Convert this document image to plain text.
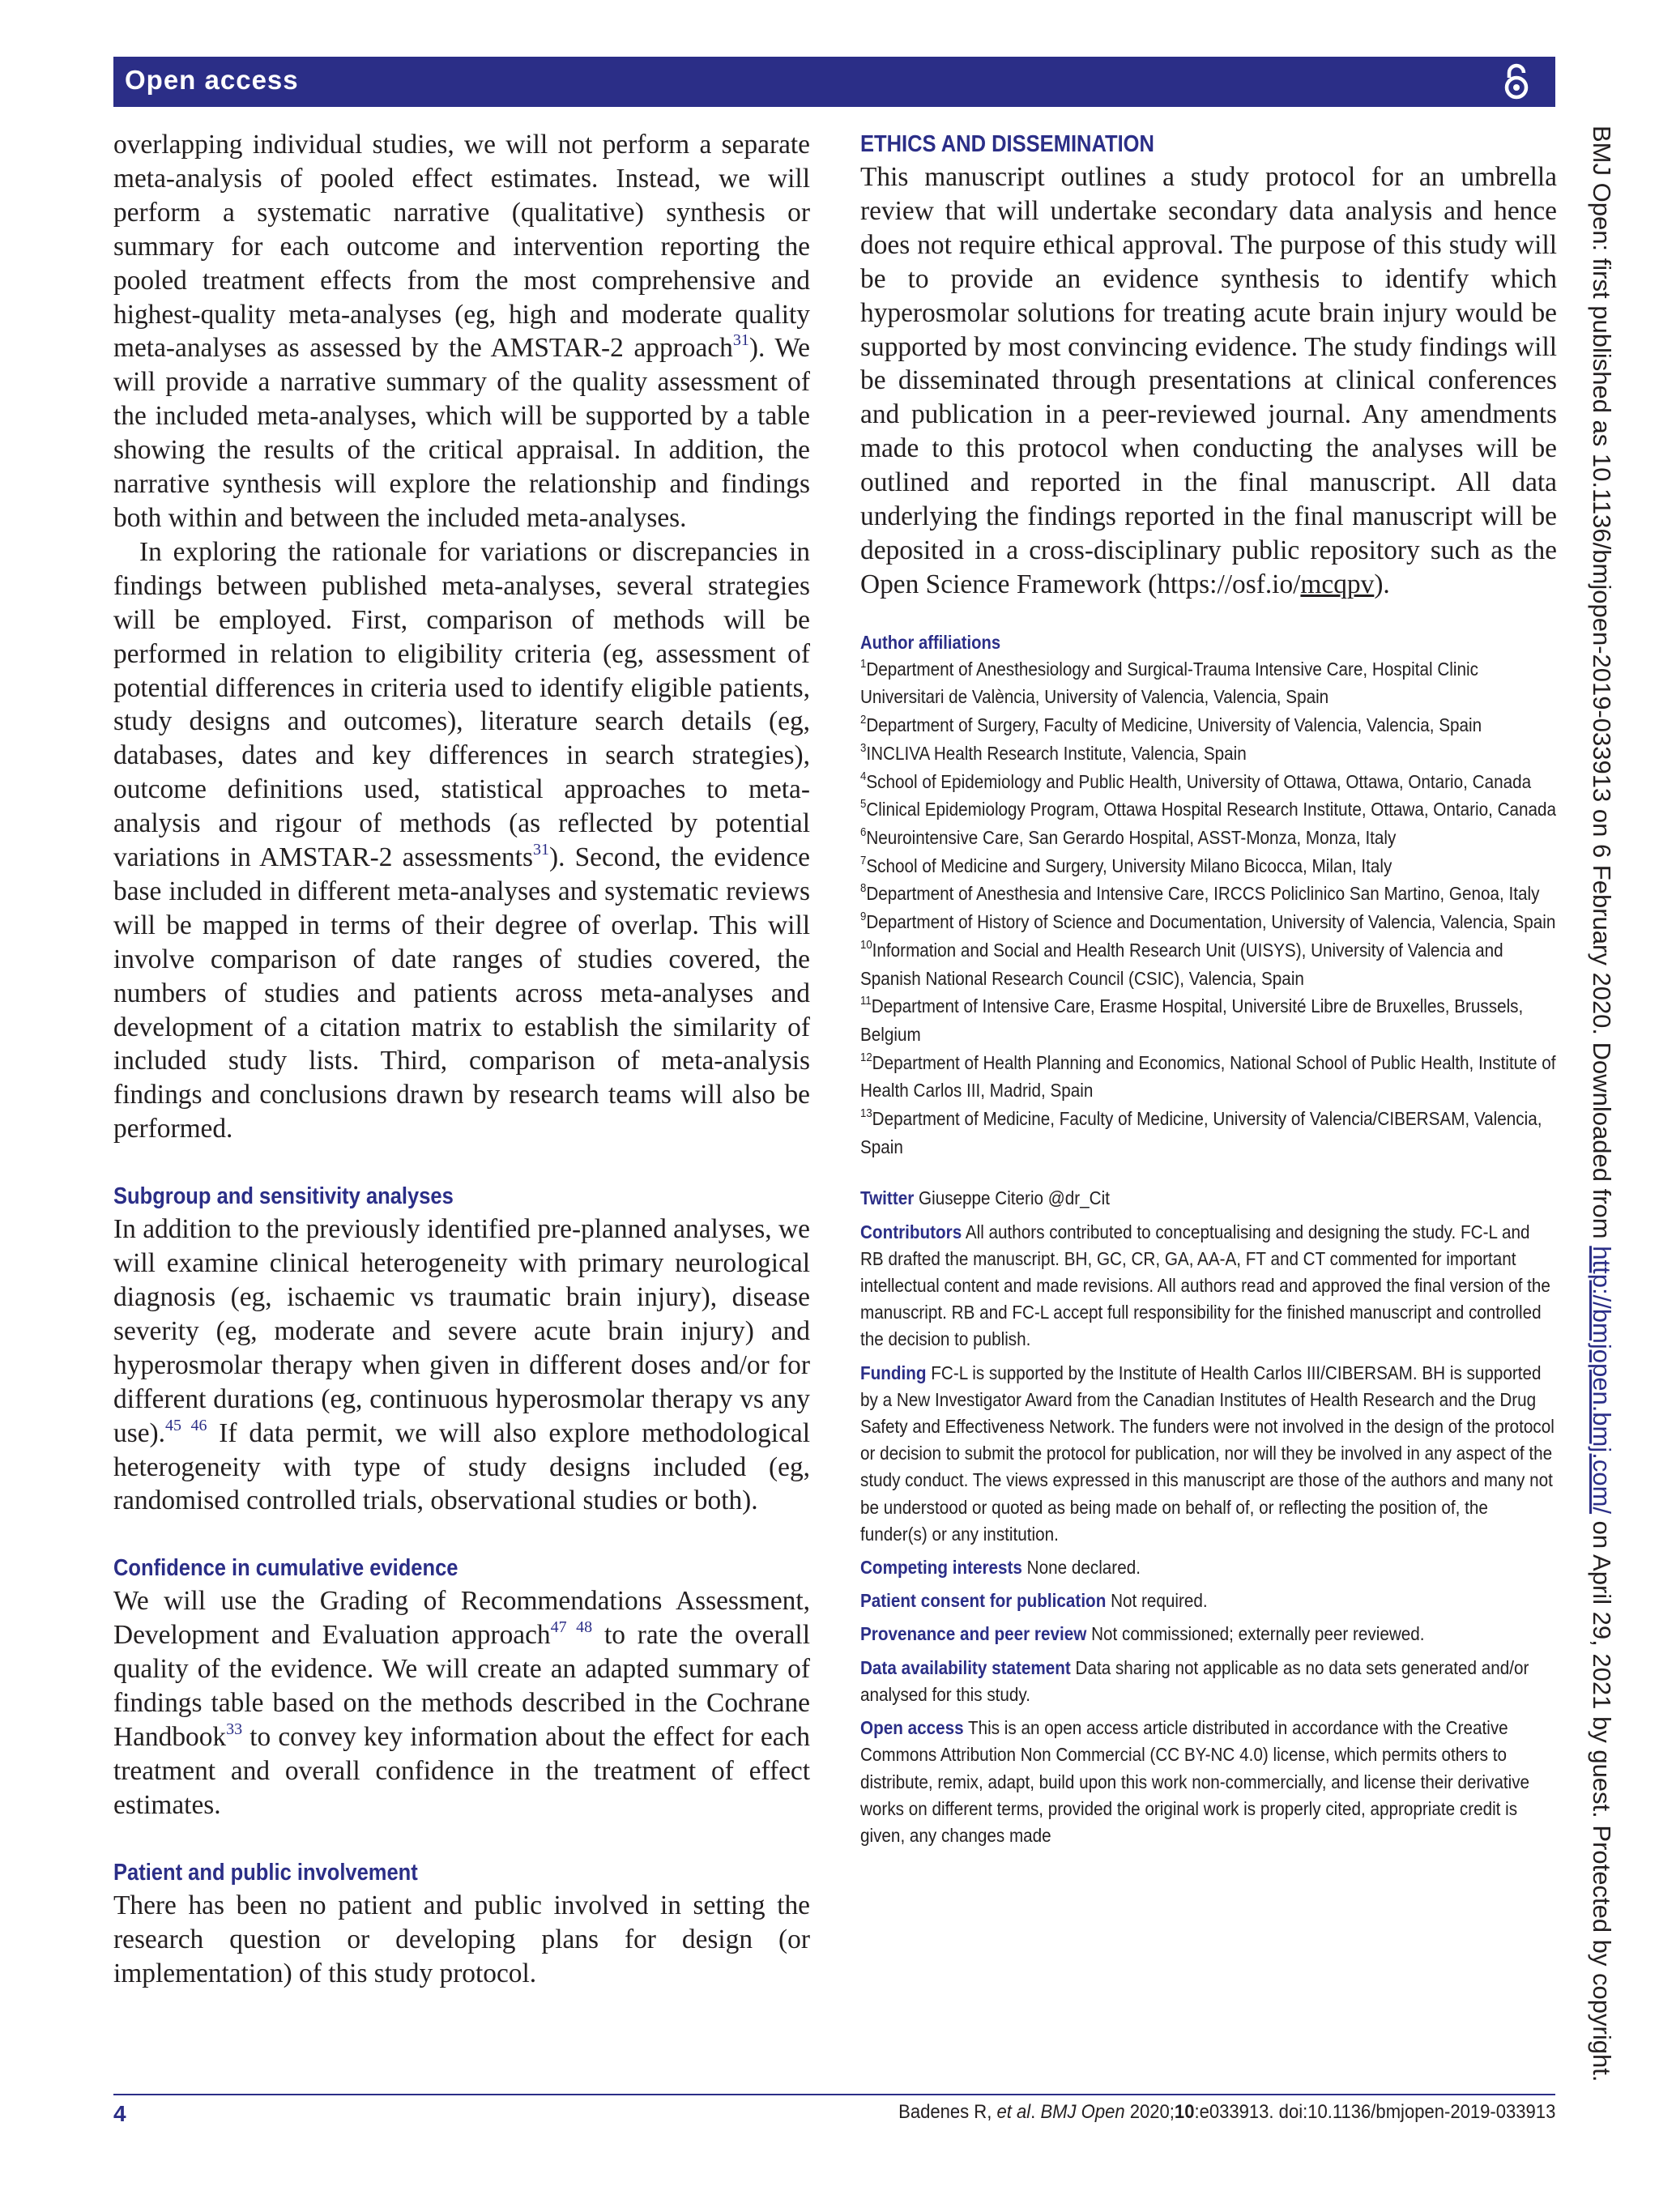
Open access
BMJ Open: first published as 10.1136/bmjopen-2019-033913 on 6 February 2020. Downloaded from http://bmjopen.bmj.com/ on April 29, 2021 by guest. Protected by copyright.

overlapping individual studies, we will not perform a separate meta-analysis of pooled effect estimates. Instead, we will perform a systematic narrative (qualitative) synthesis or summary for each outcome and intervention reporting the pooled treatment effects from the most comprehensive and highest-quality meta-analyses (eg, high and moderate quality meta-analyses as assessed by the AMSTAR-2 approach$^{31}$). We will provide a narrative summary of the quality assessment of the included meta-analyses, which will be supported by a table showing the results of the critical appraisal. In addition, the narrative synthesis will explore the relationship and findings both within and between the included meta-analyses.

In exploring the rationale for variations or discrepancies in findings between published meta-analyses, several strategies will be employed. First, comparison of methods will be performed in relation to eligibility criteria (eg, assessment of potential differences in criteria used to identify eligible patients, study designs and outcomes), literature search details (eg, databases, dates and key differences in search strategies), outcome definitions used, statistical approaches to meta-analysis and rigour of methods (as reflected by potential variations in AMSTAR-2 assessments$^{31}$). Second, the evidence base included in different meta-analyses and systematic reviews will be mapped in terms of their degree of overlap. This will involve comparison of date ranges of studies covered, the numbers of studies and patients across meta-analyses and development of a citation matrix to establish the similarity of included study lists. Third, comparison of meta-analysis findings and conclusions drawn by research teams will also be performed.

Subgroup and sensitivity analyses

In addition to the previously identified pre-planned analyses, we will examine clinical heterogeneity with primary neurological diagnosis (eg, ischaemic vs traumatic brain injury), disease severity (eg, moderate and severe acute brain injury) and hyperosmolar therapy when given in different doses and/or for different durations (eg, continuous hyperosmolar therapy vs any use).$^{45 46}$ If data permit, we will also explore methodological heterogeneity with type of study designs included (eg, randomised controlled trials, observational studies or both).

Confidence in cumulative evidence

We will use the Grading of Recommendations Assessment, Development and Evaluation approach$^{47 48}$ to rate the overall quality of the evidence. We will create an adapted summary of findings table based on the methods described in the Cochrane Handbook$^{33}$ to convey key information about the effect for each treatment and overall confidence in the treatment of effect estimates.

Patient and public involvement

There has been no patient and public involved in setting the research question or developing plans for design (or implementation) of this study protocol.

ETHICS AND DISSEMINATION

This manuscript outlines a study protocol for an umbrella review that will undertake secondary data analysis and hence does not require ethical approval. The purpose of this study will be to provide an evidence synthesis to identify which hyperosmolar solutions for treating acute brain injury would be supported by most convincing evidence. The study findings will be disseminated through presentations at clinical conferences and publication in a peer-reviewed journal. Any amendments made to this protocol when conducting the analyses will be outlined and reported in the final manuscript. All data underlying the findings reported in the final manuscript will be deposited in a cross-disciplinary public repository such as the Open Science Framework (https://osf.io/mcqpv).

Author affiliations
$^1$Department of Anesthesiology and Surgical-Trauma Intensive Care, Hospital Clinic Universitari de València, University of Valencia, Valencia, Spain
$^2$Department of Surgery, Faculty of Medicine, University of Valencia, Valencia, Spain
$^3$INCLIVA Health Research Institute, Valencia, Spain
$^4$School of Epidemiology and Public Health, University of Ottawa, Ottawa, Ontario, Canada
$^5$Clinical Epidemiology Program, Ottawa Hospital Research Institute, Ottawa, Ontario, Canada
$^6$Neurointensive Care, San Gerardo Hospital, ASST-Monza, Monza, Italy
$^7$School of Medicine and Surgery, University Milano Bicocca, Milan, Italy
$^8$Department of Anesthesia and Intensive Care, IRCCS Policlinico San Martino, Genoa, Italy
$^9$Department of History of Science and Documentation, University of Valencia, Valencia, Spain
$^{10}$Information and Social and Health Research Unit (UISYS), University of Valencia and Spanish National Research Council (CSIC), Valencia, Spain
$^{11}$Department of Intensive Care, Erasme Hospital, Université Libre de Bruxelles, Brussels, Belgium
$^{12}$Department of Health Planning and Economics, National School of Public Health, Institute of Health Carlos III, Madrid, Spain
$^{13}$Department of Medicine, Faculty of Medicine, University of Valencia/CIBERSAM, Valencia, Spain
Twitter Giuseppe Citerio @dr_Cit
Contributors All authors contributed to conceptualising and designing the study. FC-L and RB drafted the manuscript. BH, GC, CR, GA, AA-A, FT and CT commented for important intellectual content and made revisions. All authors read and approved the final version of the manuscript. RB and FC-L accept full responsibility for the finished manuscript and controlled the decision to publish.
Funding FC-L is supported by the Institute of Health Carlos III/CIBERSAM. BH is supported by a New Investigator Award from the Canadian Institutes of Health Research and the Drug Safety and Effectiveness Network. The funders were not involved in the design of the protocol or decision to submit the protocol for publication, nor will they be involved in any aspect of the study conduct. The views expressed in this manuscript are those of the authors and many not be understood or quoted as being made on behalf of, or reflecting the position of, the funder(s) or any institution.
Competing interests None declared.
Patient consent for publication Not required.
Provenance and peer review Not commissioned; externally peer reviewed.
Data availability statement Data sharing not applicable as no data sets generated and/or analysed for this study.
Open access This is an open access article distributed in accordance with the Creative Commons Attribution Non Commercial (CC BY-NC 4.0) license, which permits others to distribute, remix, adapt, build upon this work non-commercially, and license their derivative works on different terms, provided the original work is properly cited, appropriate credit is given, any changes made
4	Badenes R, et al. BMJ Open 2020;10:e033913. doi:10.1136/bmjopen-2019-033913
